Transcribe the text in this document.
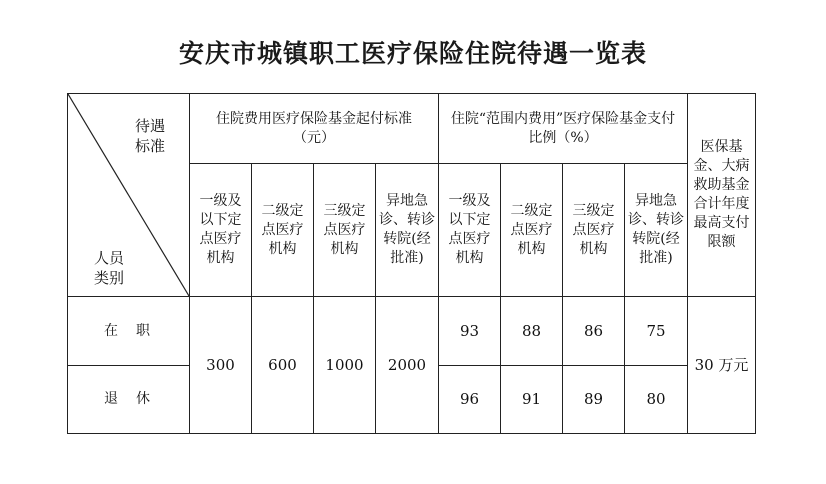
安庆市城镇职工医疗保险住院待遇一览表
待遇
标准
人员
类别	住院费用医疗保险基金起付标准（元）				住院“范围内费用”医疗保险基金支付比例（%）				医保基金、大病救助基金合计年度最高支付限额
	一级及以下定点医疗机构	二级定点医疗机构	三级定点医疗机构	异地急诊、转诊转院(经批准)	一级及以下定点医疗机构	二级定点医疗机构	三级定点医疗机构	异地急诊、转诊转院(经批准)	
在职	300	600	1000	2000	93	88	86	75	30 万元
退休					96	91	89	80	
